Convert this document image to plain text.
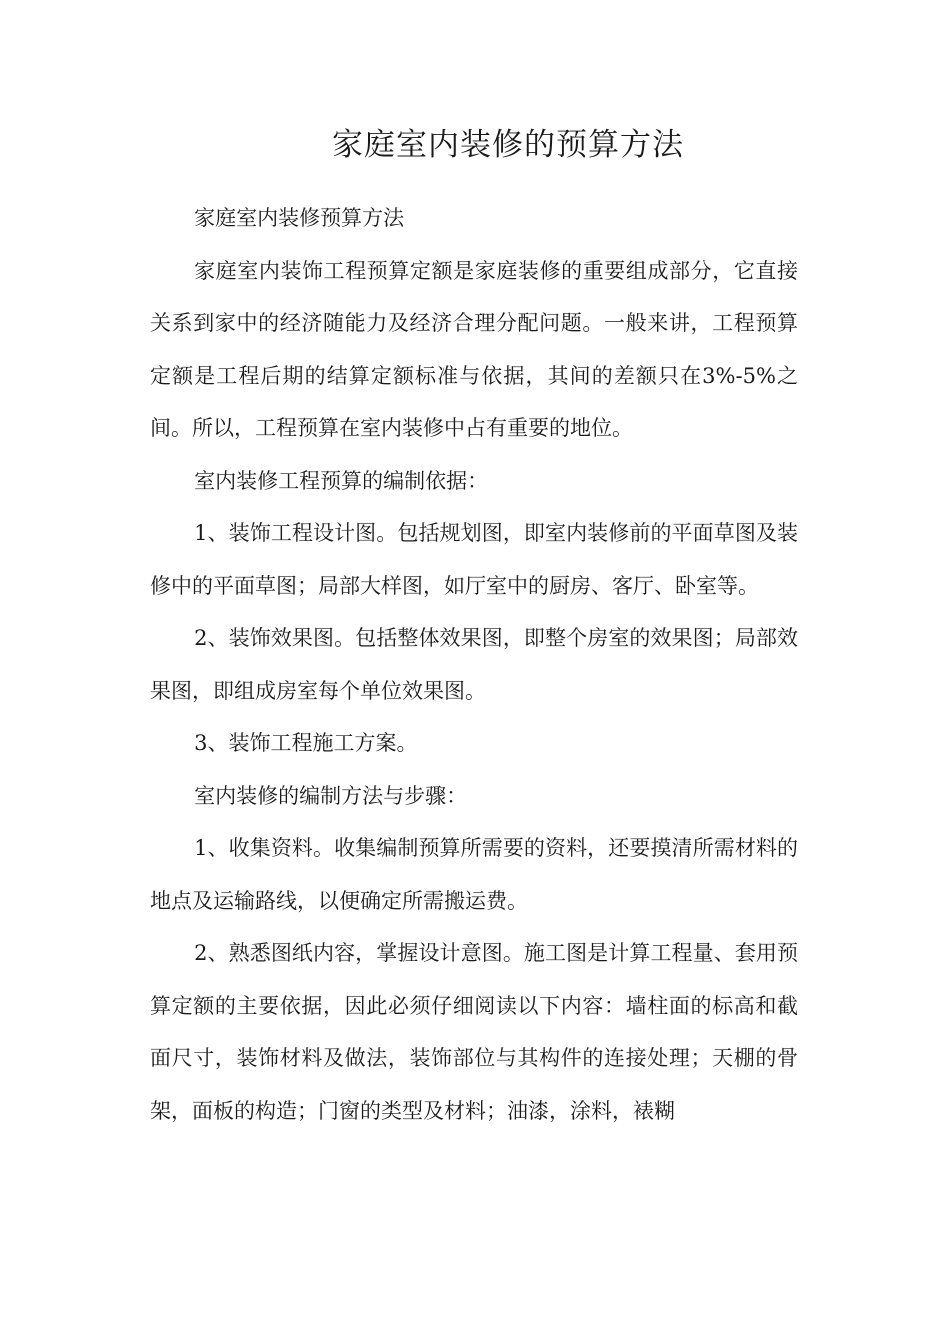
家庭室内装修的预算方法

家庭室内装修预算方法

家庭室内装饰工程预算定额是家庭装修的重要组成部分，它直接关系到家中的经济随能力及经济合理分配问题。一般来讲，工程预算定额是工程后期的结算定额标准与依据，其间的差额只在3%-5%之间。所以，工程预算在室内装修中占有重要的地位。

室内装修工程预算的编制依据：

1、装饰工程设计图。包括规划图，即室内装修前的平面草图及装修中的平面草图；局部大样图，如厅室中的厨房、客厅、卧室等。

2、装饰效果图。包括整体效果图，即整个房室的效果图；局部效果图，即组成房室每个单位效果图。

3、装饰工程施工方案。

室内装修的编制方法与步骤：

1、收集资料。收集编制预算所需要的资料，还要摸清所需材料的地点及运输路线，以便确定所需搬运费。

2、熟悉图纸内容，掌握设计意图。施工图是计算工程量、套用预算定额的主要依据，因此必须仔细阅读以下内容：墙柱面的标高和截面尺寸，装饰材料及做法，装饰部位与其构件的连接处理；天棚的骨架，面板的构造；门窗的类型及材料；油漆，涂料，裱糊
